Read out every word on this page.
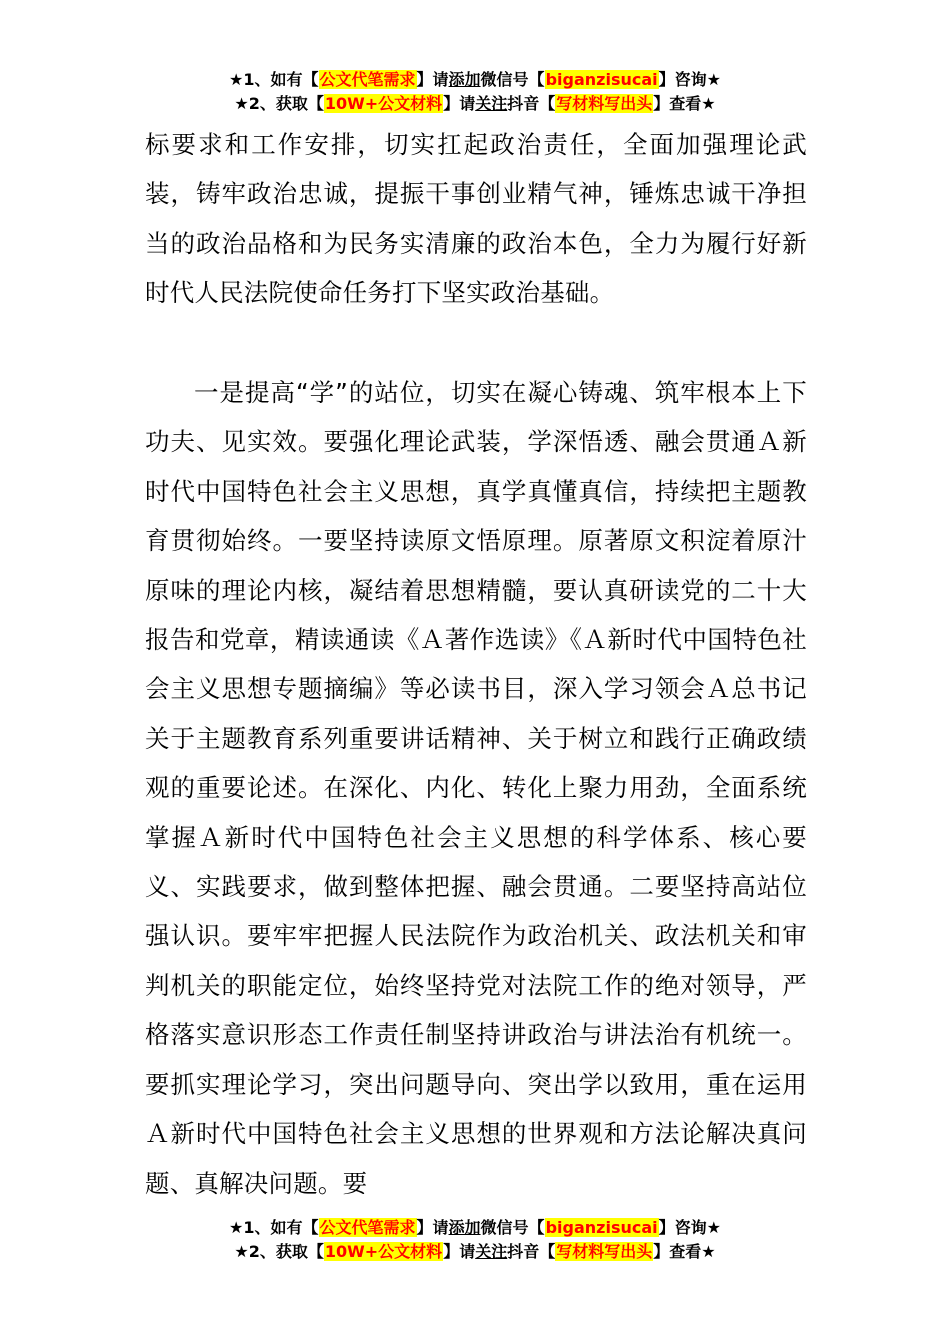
★1、如有【公文代笔需求】请添加微信号【biganzisucai】咨询★
★2、获取【10W+公文材料】请关注抖音【写材料写出头】查看★

标要求和工作安排，切实扛起政治责任，全面加强理论武装，铸牢政治忠诚，提振干事创业精气神，锤炼忠诚干净担当的政治品格和为民务实清廉的政治本色，全力为履行好新时代人民法院使命任务打下坚实政治基础。

一是提高“学”的站位，切实在凝心铸魂、筑牢根本上下功夫、见实效。要强化理论武装，学深悟透、融会贯通Ａ新时代中国特色社会主义思想，真学真懂真信，持续把主题教育贯彻始终。一要坚持读原文悟原理。原著原文积淀着原汁原味的理论内核，凝结着思想精髓，要认真研读党的二十大报告和党章，精读通读《Ａ著作选读》《Ａ新时代中国特色社会主义思想专题摘编》等必读书目，深入学习领会Ａ总书记关于主题教育系列重要讲话精神、关于树立和践行正确政绩观的重要论述。在深化、内化、转化上聚力用劲，全面系统掌握Ａ新时代中国特色社会主义思想的科学体系、核心要义、实践要求，做到整体把握、融会贯通。二要坚持高站位强认识。要牢牢把握人民法院作为政治机关、政法机关和审判机关的职能定位，始终坚持党对法院工作的绝对领导，严格落实意识形态工作责任制坚持讲政治与讲法治有机统一。要抓实理论学习，突出问题导向、突出学以致用，重在运用Ａ新时代中国特色社会主义思想的世界观和方法论解决真问题、真解决问题。要

★1、如有【公文代笔需求】请添加微信号【biganzisucai】咨询★
★2、获取【10W+公文材料】请关注抖音【写材料写出头】查看★
